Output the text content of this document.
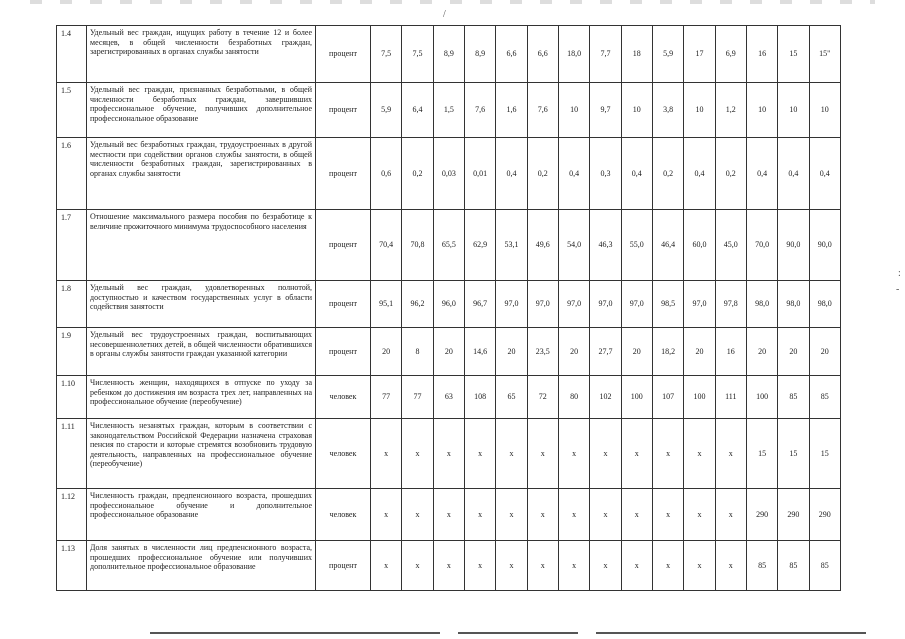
/
1.4	Удельный вес граждан, ищущих работу в течение 12 и более месяцев, в общей численности безработных граждан, зарегистрированных в органах службы занятости	процент	7,5	7,5	8,9	8,9	6,6	6,6	18,0	7,7	18	5,9	17	6,9	16	15	15"
1.5	Удельный вес граждан, признанных безработными, в общей численности безработных граждан, завершивших профессиональное обучение, получивших дополнительное профессиональное образование	процент	5,9	6,4	1,5	7,6	1,6	7,6	10	9,7	10	3,8	10	1,2	10	10	10
1.6	Удельный вес безработных граждан, трудоустроенных в другой местности при содействии органов службы занятости, в общей численности безработных граждан, зарегистрированных в органах службы занятости	процент	0,6	0,2	0,03	0,01	0,4	0,2	0,4	0,3	0,4	0,2	0,4	0,2	0,4	0,4	0,4
1.7	Отношение максимального размера пособия по безработице к величине прожиточного минимума трудоспособного населения	процент	70,4	70,8	65,5	62,9	53,1	49,6	54,0	46,3	55,0	46,4	60,0	45,0	70,0	90,0	90,0
1.8	Удельный вес граждан, удовлетворенных полнотой, доступностью и качеством государственных услуг в области содействия занятости	процент	95,1	96,2	96,0	96,7	97,0	97,0	97,0	97,0	97,0	98,5	97,0	97,8	98,0	98,0	98,0
1.9	Удельный вес трудоустроенных граждан, воспитывающих несовершеннолетних детей, в общей численности обратившихся в органы службы занятости граждан указанной категории	процент	20	8	20	14,6	20	23,5	20	27,7	20	18,2	20	16	20	20	20
1.10	Численность женщин, находящихся в отпуске по уходу за ребенком до достижения им возраста трех лет, направленных на профессиональное обучение (переобучение)	человек	77	77	63	108	65	72	80	102	100	107	100	111	100	85	85
1.11	Численность незанятых граждан, которым в соответствии с законодательством Российской Федерации назначена страховая пенсия по старости и которые стремятся возобновить трудовую деятельность, направленных на профессиональное обучение (переобучение)	человек	x	x	x	x	x	x	x	x	x	x	x	x	15	15	15
1.12	Численность граждан, предпенсионного возраста, прошедших профессиональное обучение и дополнительное профессиональное образование	человек	x	x	x	x	x	x	x	x	x	x	x	x	290	290	290
1.13	Доля занятых в численности лиц предпенсионного возраста, прошедших профессиональное обучение или получивших дополнительное профессиональное образование	процент	x	x	x	x	x	x	x	x	x	x	x	x	85	85	85
:
-
